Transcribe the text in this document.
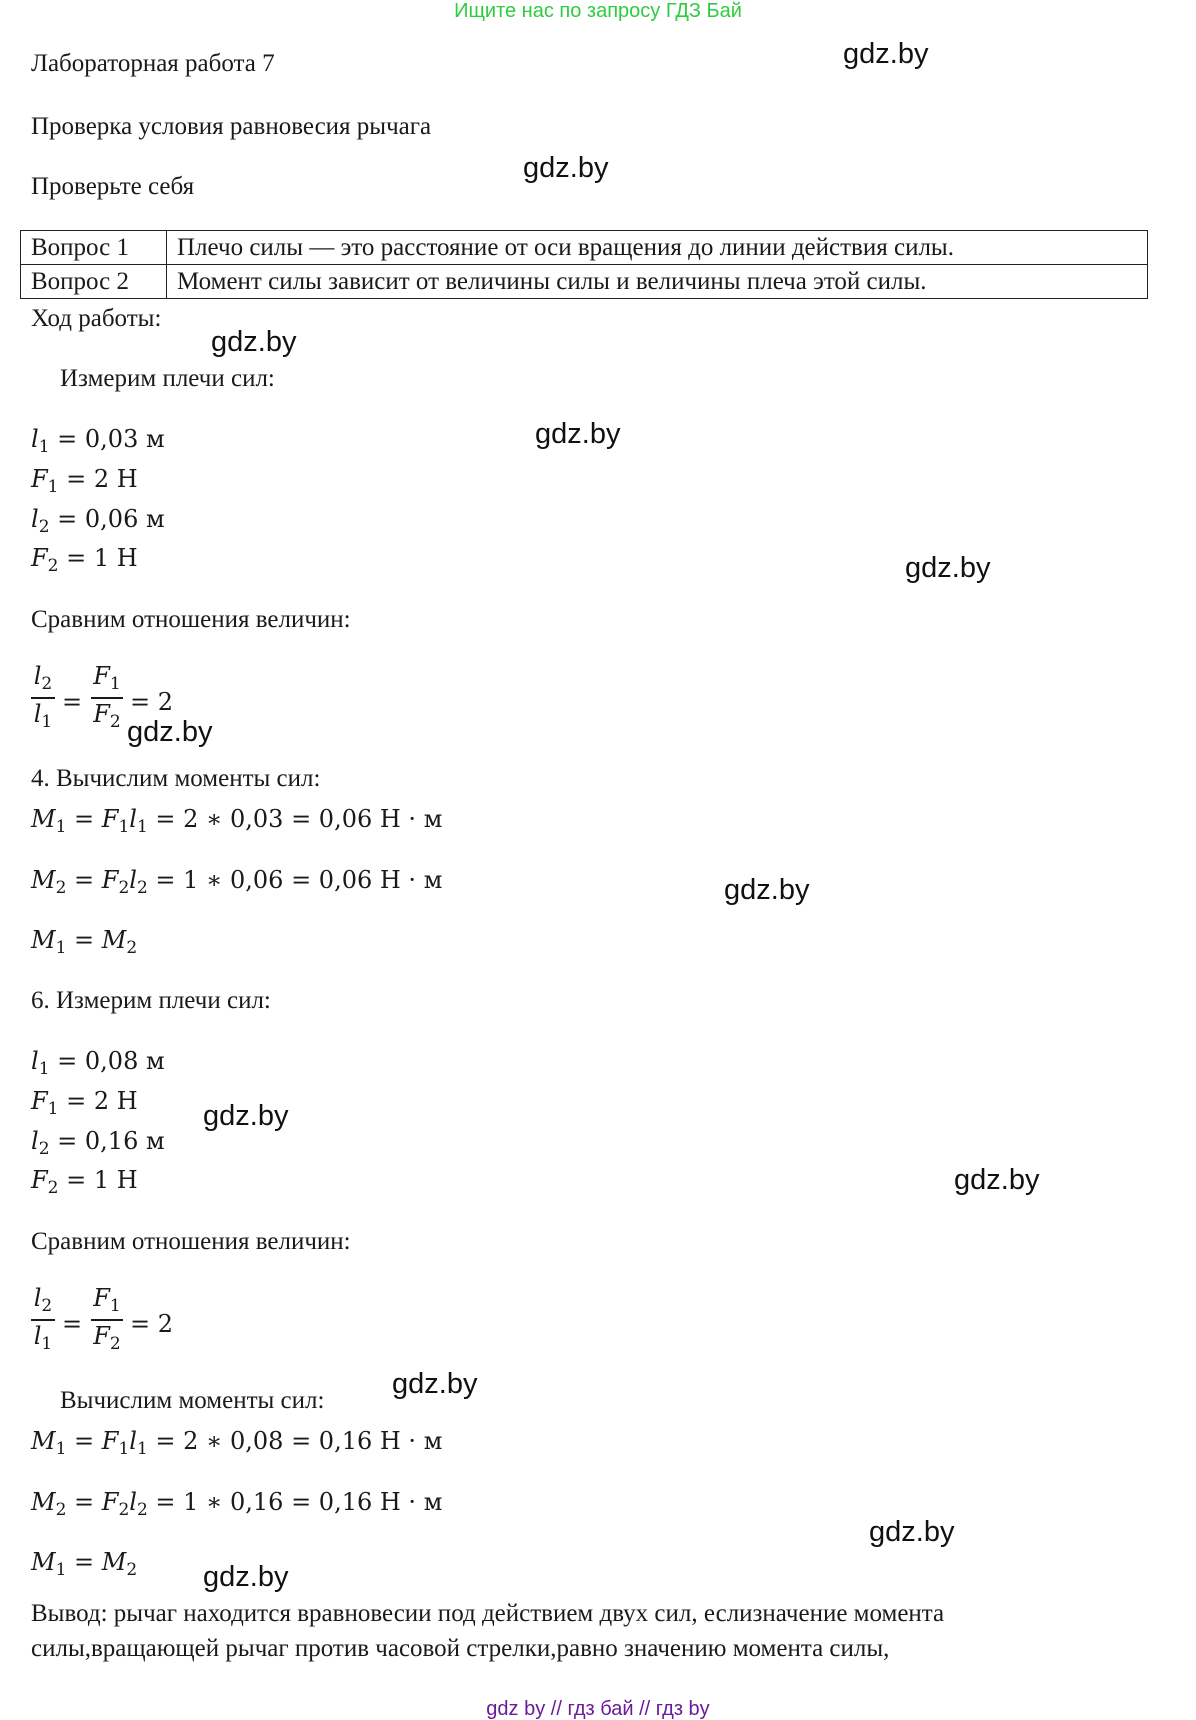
Ищите нас по запросу ГДЗ Бай
Лабораторная работа 7
Проверка условия равновесия рычага
Проверьте себя
Вопрос 1	Плечо силы — это расстояние от оси вращения до линии действия силы.
Вопрос 2	Момент силы зависит от величины силы и величины плеча этой силы.
Ход работы:
Измерим плечи сил:
$l_1 = 0,03$ м
$F_1 = 2$ Н
$l_2 = 0,06$ м
$F_2 = 1$ Н
Сравним отношения величин:
$l_2$
$l_1$
=
$F_1$
$F_2$
= 2
4. Вычислим моменты сил:
$M_1 = F_1l_1 = 2$ ∗ 0,03 = 0,06 Н · м
$M_2 = F_2l_2 = 1$ ∗ 0,06 = 0,06 Н · м
$M_1 = M_2$
6. Измерим плечи сил:
$l_1 = 0,08$ м
$F_1 = 2$ Н
$l_2 = 0,16$ м
$F_2 = 1$ Н
Сравним отношения величин:
$l_2$
$l_1$
=
$F_1$
$F_2$
= 2
Вычислим моменты сил:
$M_1 = F_1l_1 = 2$ ∗ 0,08 = 0,16 Н · м
$M_2 = F_2l_2 = 1$ ∗ 0,16 = 0,16 Н · м
$M_1 = M_2$
Вывод: рычаг находится вравновесии под действием двух сил, еслизначение момента
силы,вращающей рычаг против часовой стрелки,равно значению момента силы,
gdz.by
gdz.by
gdz.by
gdz.by
gdz.by
gdz.by
gdz.by
gdz.by
gdz.by
gdz.by
gdz.by
gdz.by
gdz by // гдз бай // гдз by
